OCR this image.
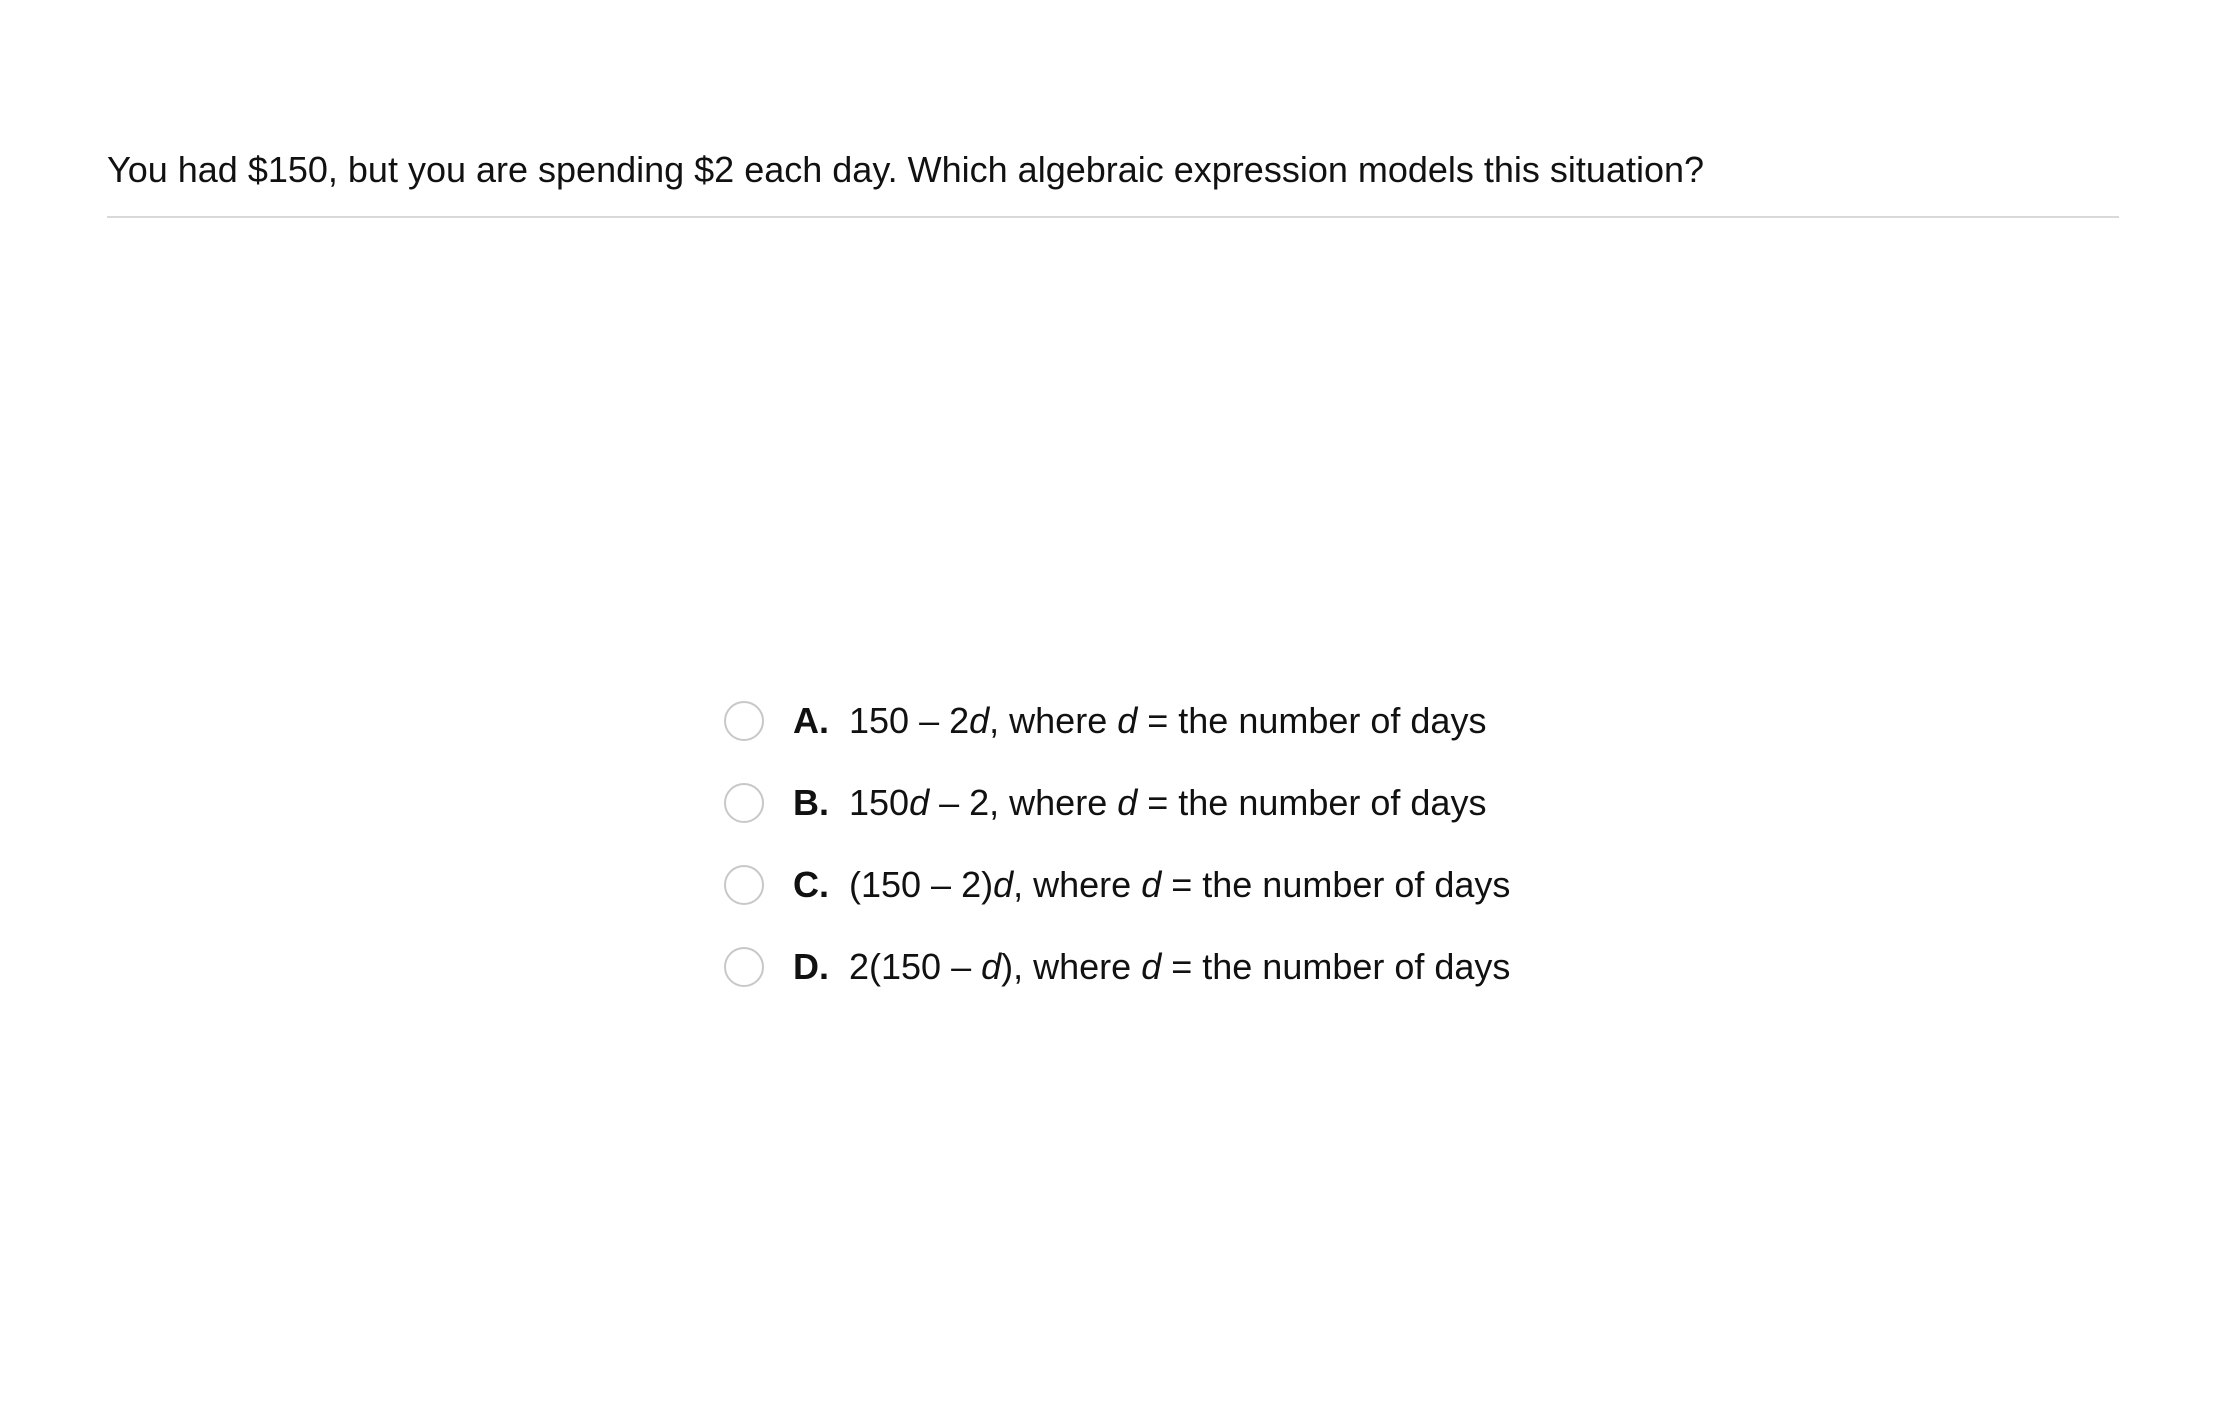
You had $150, but you are spending $2 each day. Which algebraic expression models this situation?
A. 150 – 2d, where d = the number of days
B. 150d – 2, where d = the number of days
C. (150 – 2)d, where d = the number of days
D. 2(150 – d), where d = the number of days
